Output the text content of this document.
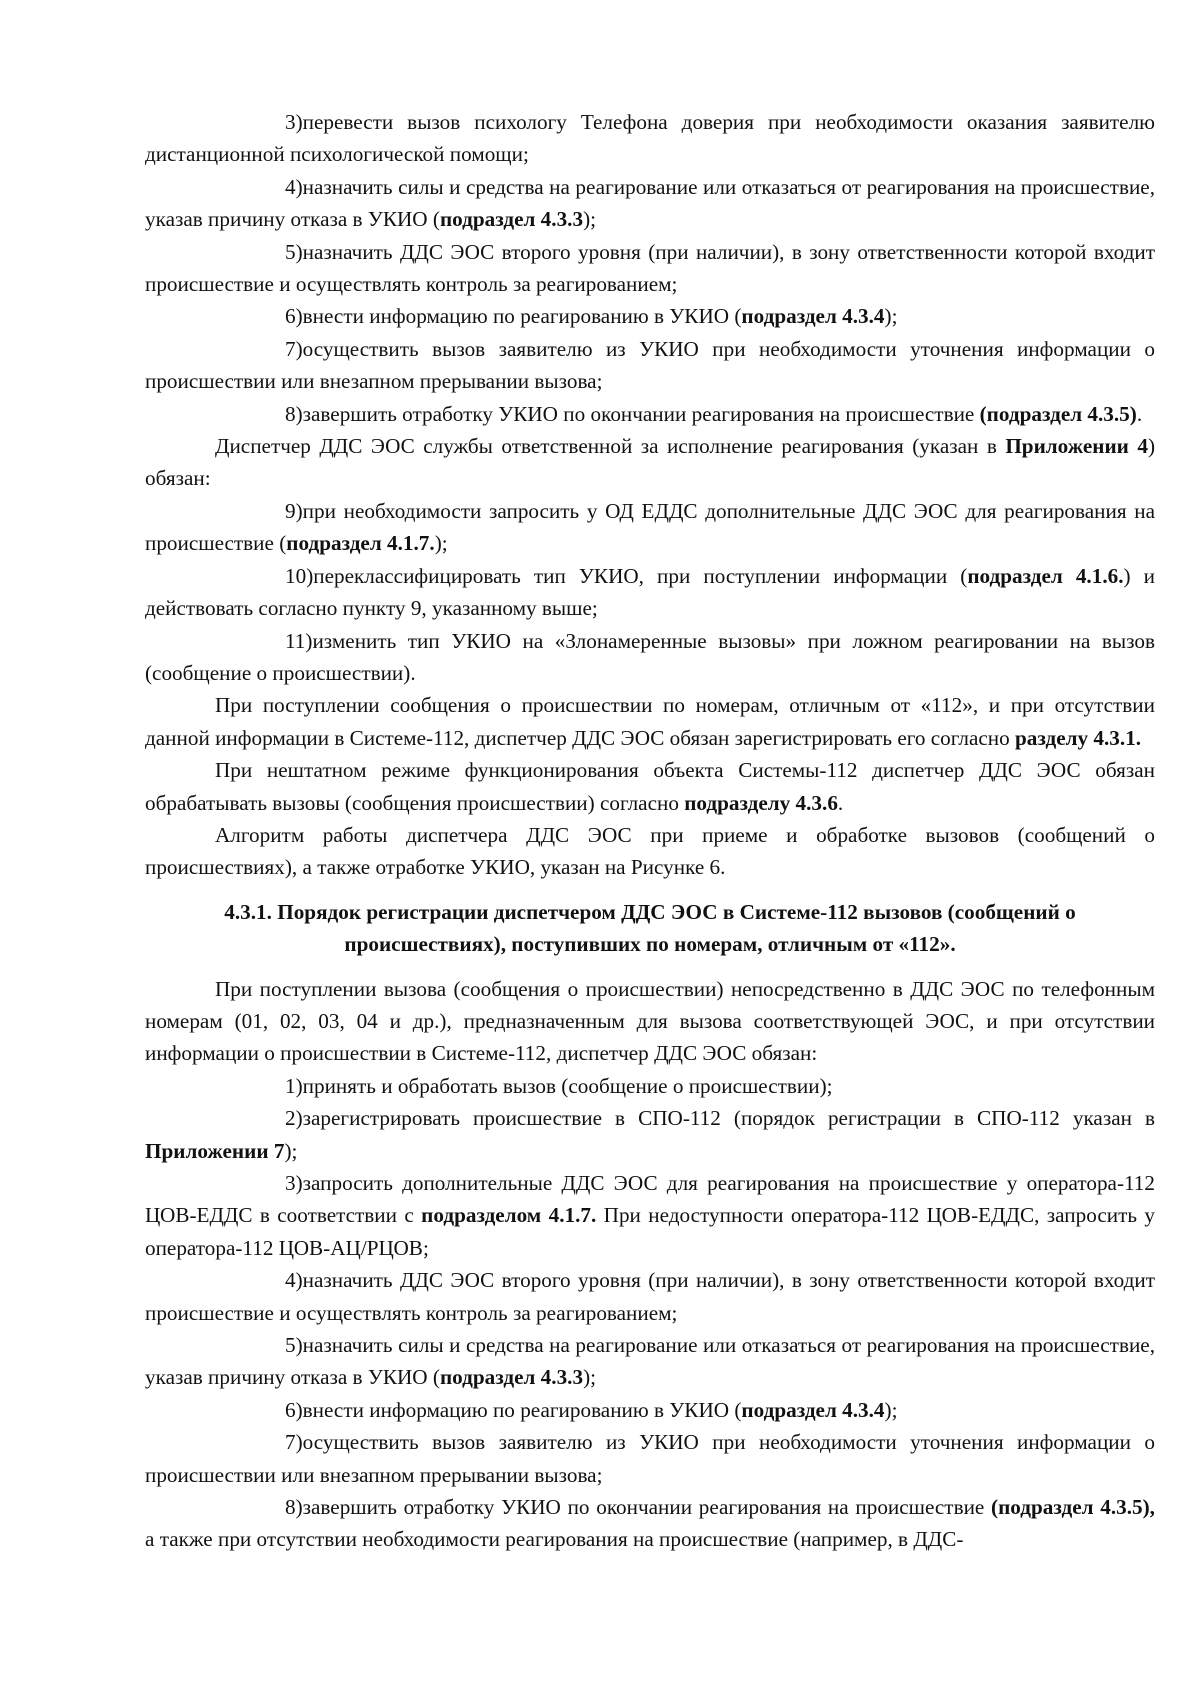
3)перевести вызов психологу Телефона доверия при необходимости оказания заявителю дистанционной психологической помощи;

4)назначить силы и средства на реагирование или отказаться от реагирования на происшествие, указав причину отказа в УКИО (подраздел 4.3.3);

5)назначить ДДС ЭОС второго уровня (при наличии), в зону ответственности которой входит происшествие и осуществлять контроль за реагированием;

6)внести информацию по реагированию в УКИО (подраздел 4.3.4);

7)осуществить вызов заявителю из УКИО при необходимости уточнения информации о происшествии или внезапном прерывании вызова;

8)завершить отработку УКИО по окончании реагирования на происшествие (подраздел 4.3.5).

Диспетчер ДДС ЭОС службы ответственной за исполнение реагирования (указан в Приложении 4) обязан:

9)при необходимости запросить у ОД ЕДДС дополнительные ДДС ЭОС для реагирования на происшествие (подраздел 4.1.7.);

10)переклассифицировать тип УКИО, при поступлении информации (подраздел 4.1.6.) и действовать согласно пункту 9, указанному выше;

11)изменить тип УКИО на «Злонамеренные вызовы» при ложном реагировании на вызов (сообщение о происшествии).

При поступлении сообщения о происшествии по номерам, отличным от «112», и при отсутствии данной информации в Системе-112, диспетчер ДДС ЭОС обязан зарегистрировать его согласно разделу 4.3.1.

При нештатном режиме функционирования объекта Системы-112 диспетчер ДДС ЭОС обязан обрабатывать вызовы (сообщения происшествии) согласно подразделу 4.3.6.

Алгоритм работы диспетчера ДДС ЭОС при приеме и обработке вызовов (сообщений о происшествиях), а также отработке УКИО, указан на Рисунке 6.

4.3.1. Порядок регистрации диспетчером ДДС ЭОС в Системе-112 вызовов (сообщений о происшествиях), поступивших по номерам, отличным от «112».

При поступлении вызова (сообщения о происшествии) непосредственно в ДДС ЭОС по телефонным номерам (01, 02, 03, 04 и др.), предназначенным для вызова соответствующей ЭОС, и при отсутствии информации о происшествии в Системе-112, диспетчер ДДС ЭОС обязан:

1)принять и обработать вызов (сообщение о происшествии);

2)зарегистрировать происшествие в СПО-112 (порядок регистрации в СПО-112 указан в Приложении 7);

3)запросить дополнительные ДДС ЭОС для реагирования на происшествие у оператора-112 ЦОВ-ЕДДС в соответствии с подразделом 4.1.7. При недоступности оператора-112 ЦОВ-ЕДДС, запросить у оператора-112 ЦОВ-АЦ/РЦОВ;

4)назначить ДДС ЭОС второго уровня (при наличии), в зону ответственности которой входит происшествие и осуществлять контроль за реагированием;

5)назначить силы и средства на реагирование или отказаться от реагирования на происшествие, указав причину отказа в УКИО (подраздел 4.3.3);

6)внести информацию по реагированию в УКИО (подраздел 4.3.4);

7)осуществить вызов заявителю из УКИО при необходимости уточнения информации о происшествии или внезапном прерывании вызова;

8)завершить отработку УКИО по окончании реагирования на происшествие (подраздел 4.3.5), а также при отсутствии необходимости реагирования на происшествие (например, в ДДС-
